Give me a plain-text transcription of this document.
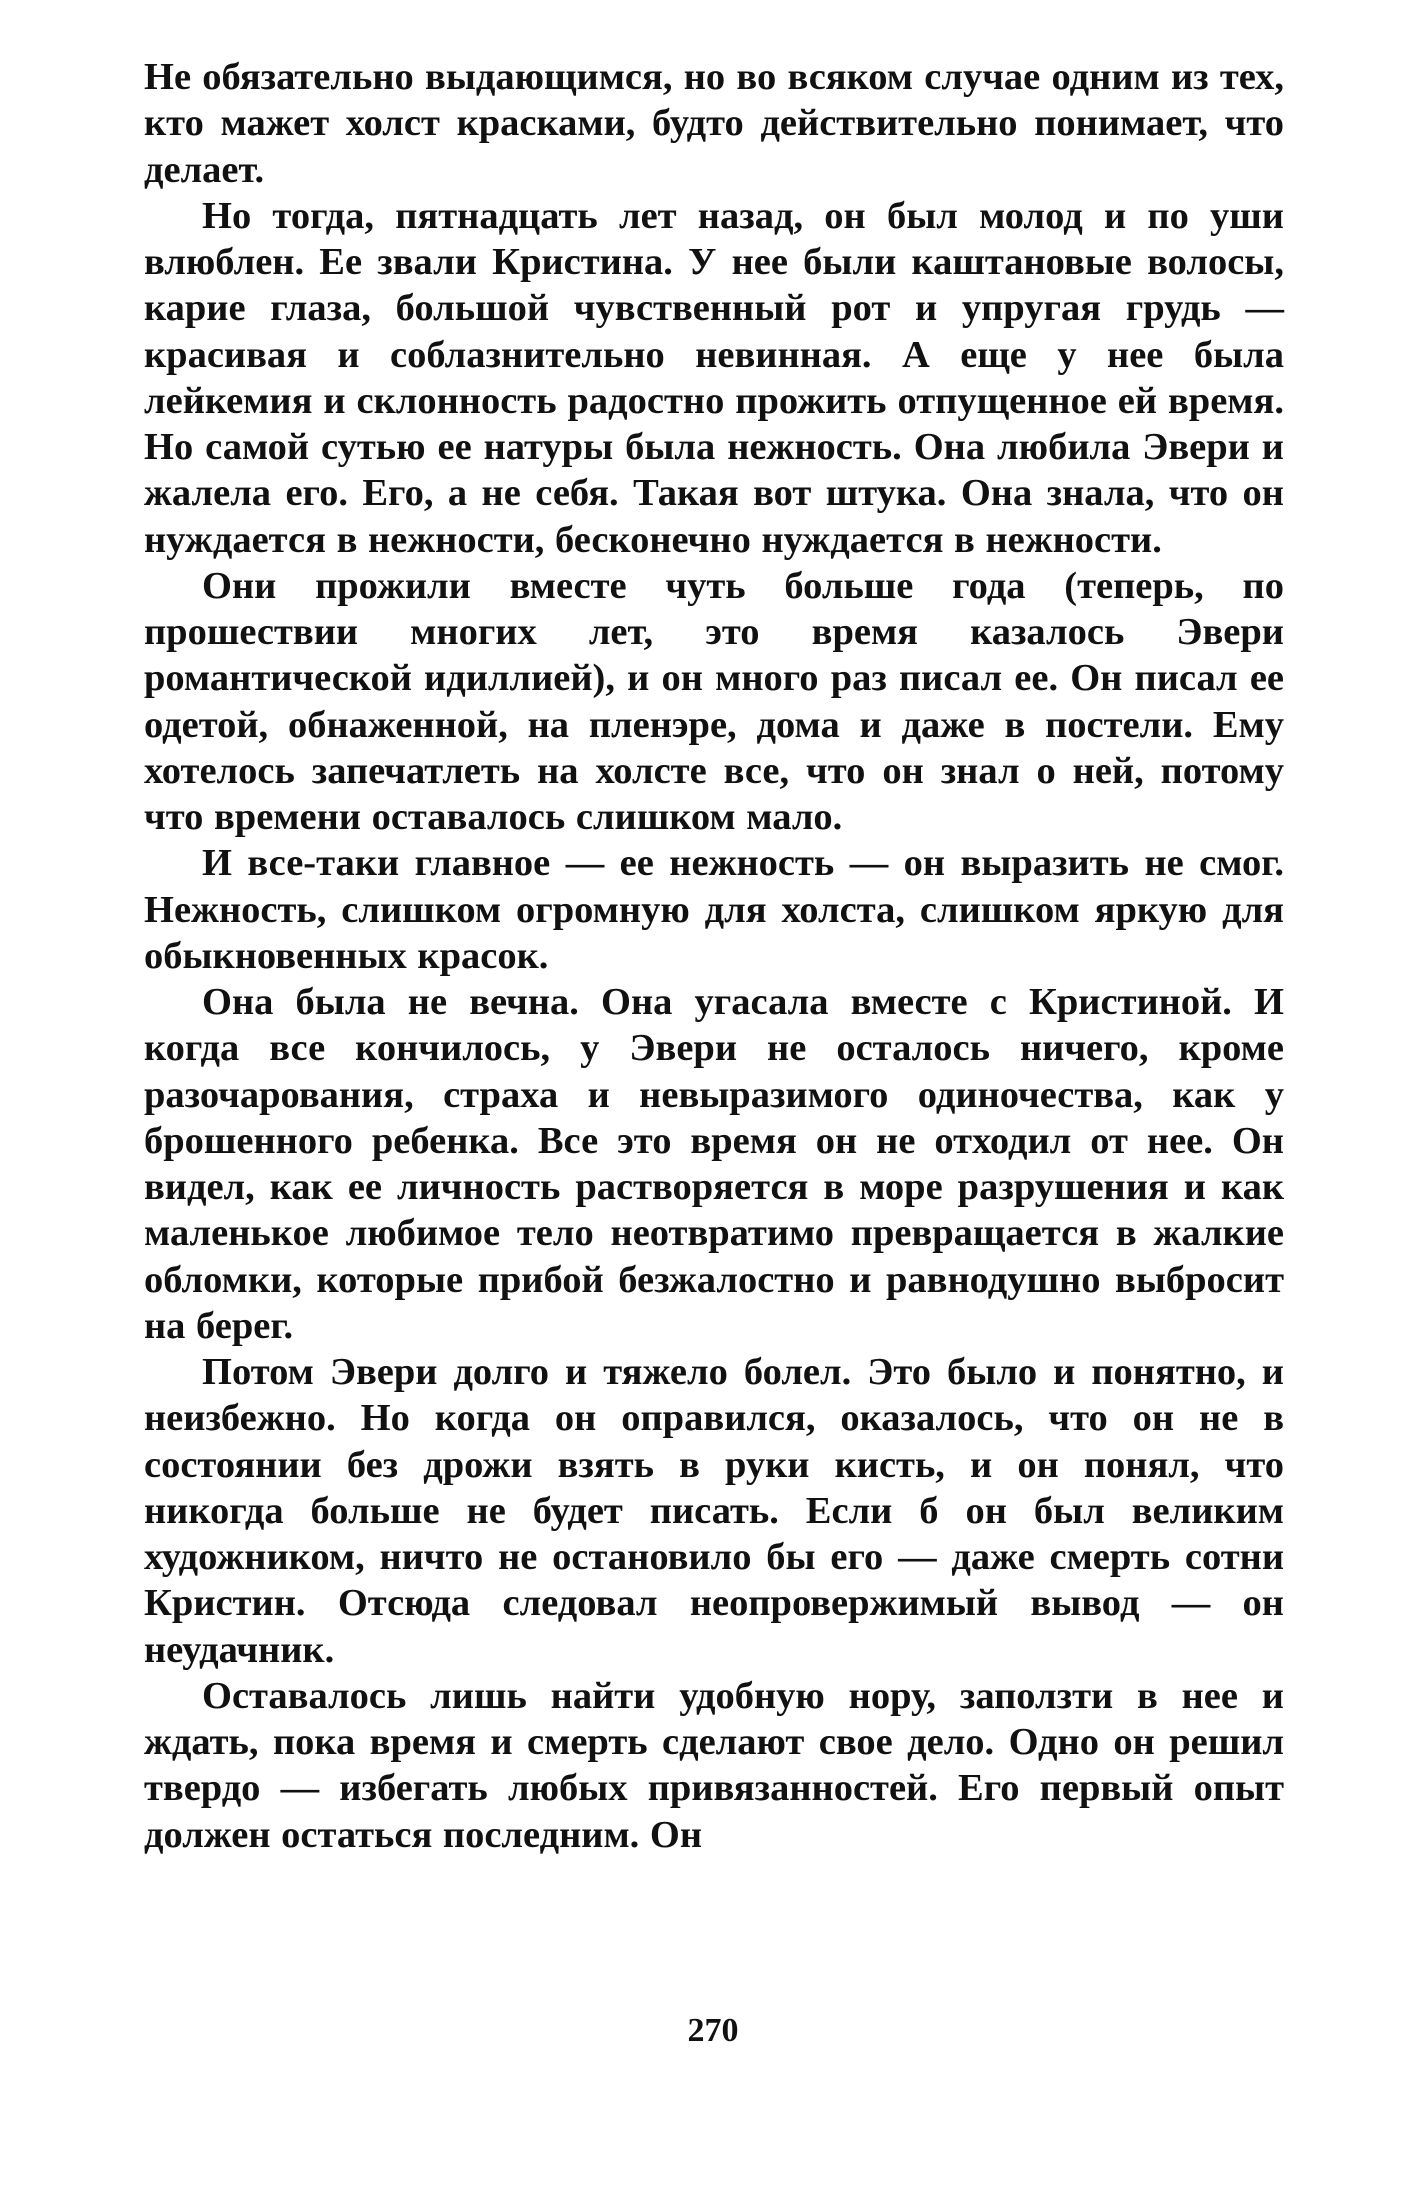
Не обязательно выдающимся, но во всяком случае одним из тех, кто мажет холст красками, будто действительно понимает, что делает.

Но тогда, пятнадцать лет назад, он был молод и по уши влюблен. Ее звали Кристина. У нее были каштановые волосы, карие глаза, большой чувственный рот и упругая грудь — красивая и соблазнительно невинная. А еще у нее была лейкемия и склонность радостно прожить отпущенное ей время. Но самой сутью ее натуры была нежность. Она любила Эвери и жалела его. Его, а не себя. Такая вот штука. Она знала, что он нуждается в нежности, бесконечно нуждается в нежности.

Они прожили вместе чуть больше года (теперь, по прошествии многих лет, это время казалось Эвери романтической идиллией), и он много раз писал ее. Он писал ее одетой, обнаженной, на пленэре, дома и даже в постели. Ему хотелось запечатлеть на холсте все, что он знал о ней, потому что времени оставалось слишком мало.

И все-таки главное — ее нежность — он выразить не смог. Нежность, слишком огромную для холста, слишком яркую для обыкновенных красок.

Она была не вечна. Она угасала вместе с Кристиной. И когда все кончилось, у Эвери не осталось ничего, кроме разочарования, страха и невыразимого одиночества, как у брошенного ребенка. Все это время он не отходил от нее. Он видел, как ее личность растворяется в море разрушения и как маленькое любимое тело неотвратимо превращается в жалкие обломки, которые прибой безжалостно и равнодушно выбросит на берег.

Потом Эвери долго и тяжело болел. Это было и понятно, и неизбежно. Но когда он оправился, оказалось, что он не в состоянии без дрожи взять в руки кисть, и он понял, что никогда больше не будет писать. Если б он был великим художником, ничто не остановило бы его — даже смерть сотни Кристин. Отсюда следовал неопровержимый вывод — он неудачник.

Оставалось лишь найти удобную нору, заползти в нее и ждать, пока время и смерть сделают свое дело. Одно он решил твердо — избегать любых привязанностей. Его первый опыт должен остаться последним. Он

270
